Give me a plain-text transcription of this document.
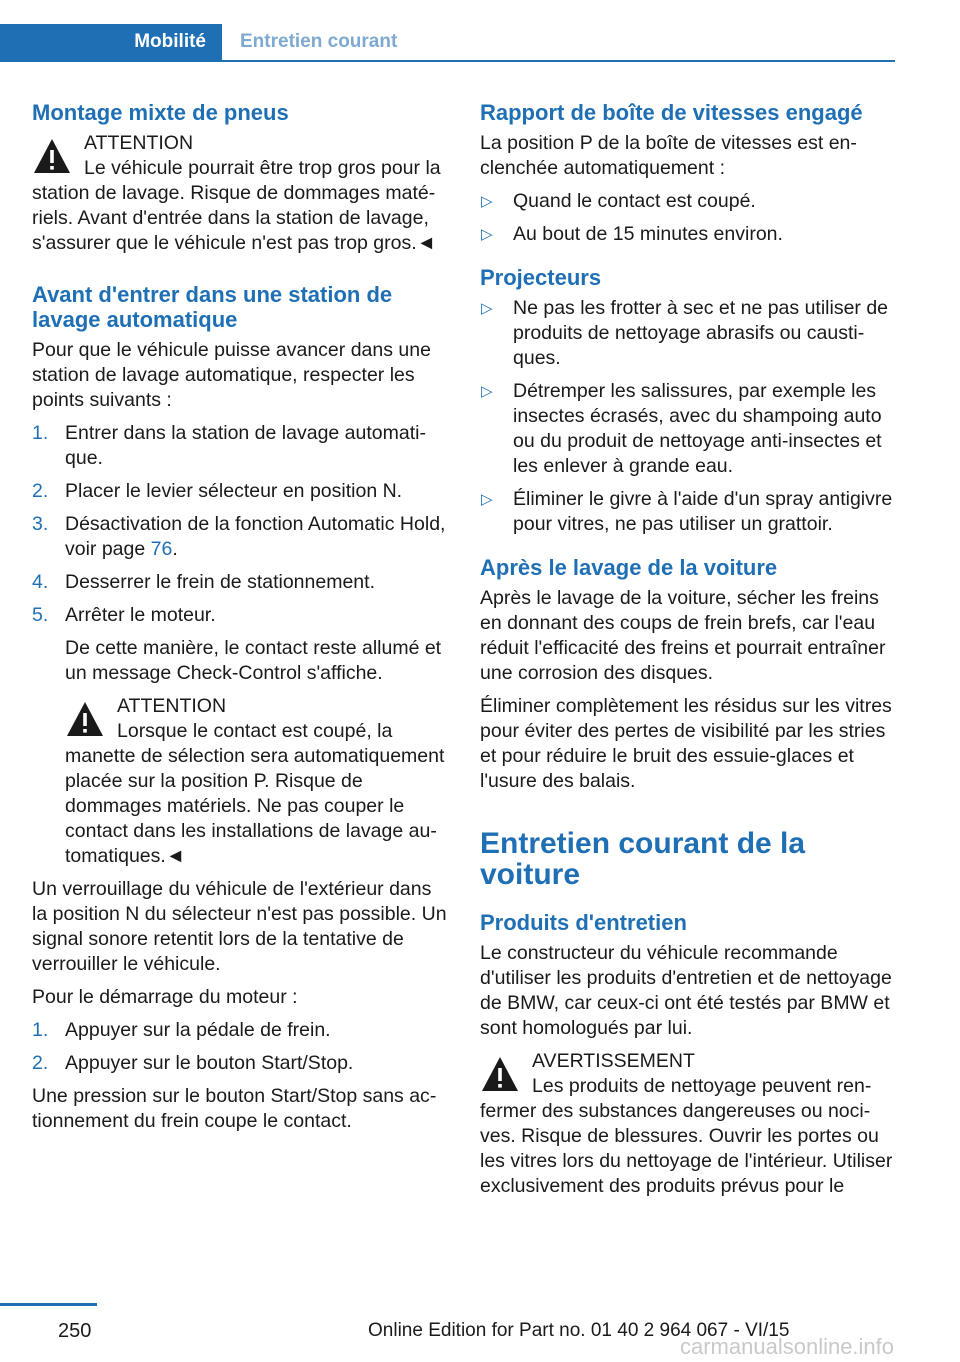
Mobilité	Entretien courant
Montage mixte de pneus
ATTENTION
Le véhicule pourrait être trop gros pour la station de lavage. Risque de dommages matériels. Avant d'entrée dans la station de lavage, s'assurer que le véhicule n'est pas trop gros.◄
Avant d'entrer dans une station de lavage automatique

Pour que le véhicule puisse avancer dans une station de lavage automatique, respecter les points suivants :

1. Entrer dans la station de lavage automatique.
2. Placer le levier sélecteur en position N.
3. Désactivation de la fonction Automatic Hold, voir page 76.
4. Desserrer le frein de stationnement.
5. Arrêter le moteur.

De cette manière, le contact reste allumé et un message Check-Control s'affiche.

ATTENTION
Lorsque le contact est coupé, la manette de sélection sera automatiquement placée sur la position P. Risque de dommages matériels. Ne pas couper le contact dans les installations de lavage automatiques.◄

Un verrouillage du véhicule de l'extérieur dans la position N du sélecteur n'est pas possible. Un signal sonore retentit lors de la tentative de verrouiller le véhicule.

Pour le démarrage du moteur :

1. Appuyer sur la pédale de frein.
2. Appuyer sur le bouton Start/Stop.

Une pression sur le bouton Start/Stop sans actionnement du frein coupe le contact.

Rapport de boîte de vitesses engagé

La position P de la boîte de vitesses est enclenchée automatiquement :

▷ Quand le contact est coupé.
▷ Au bout de 15 minutes environ.
Projecteurs
▷ Ne pas les frotter à sec et ne pas utiliser de produits de nettoyage abrasifs ou caustiques.
▷ Détremper les salissures, par exemple les insectes écrasés, avec du shampoing auto ou du produit de nettoyage anti-insectes et les enlever à grande eau.
▷ Éliminer le givre à l'aide d'un spray antigivre pour vitres, ne pas utiliser un grattoir.
Après le lavage de la voiture

Après le lavage de la voiture, sécher les freins en donnant des coups de frein brefs, car l'eau réduit l'efficacité des freins et pourrait entraîner une corrosion des disques.

Éliminer complètement les résidus sur les vitres pour éviter des pertes de visibilité par les stries et pour réduire le bruit des essuie-glaces et l'usure des balais.

Entretien courant de la voiture
Produits d'entretien

Le constructeur du véhicule recommande d'utiliser les produits d'entretien et de nettoyage de BMW, car ceux-ci ont été testés par BMW et sont homologués par lui.

AVERTISSEMENT
Les produits de nettoyage peuvent renfermer des substances dangereuses ou nocives. Risque de blessures. Ouvrir les portes ou les vitres lors du nettoyage de l'intérieur. Utiliser exclusivement des produits prévus pour le
250	Online Edition for Part no. 01 40 2 964 067 - VI/15
carmanualsonline.info
